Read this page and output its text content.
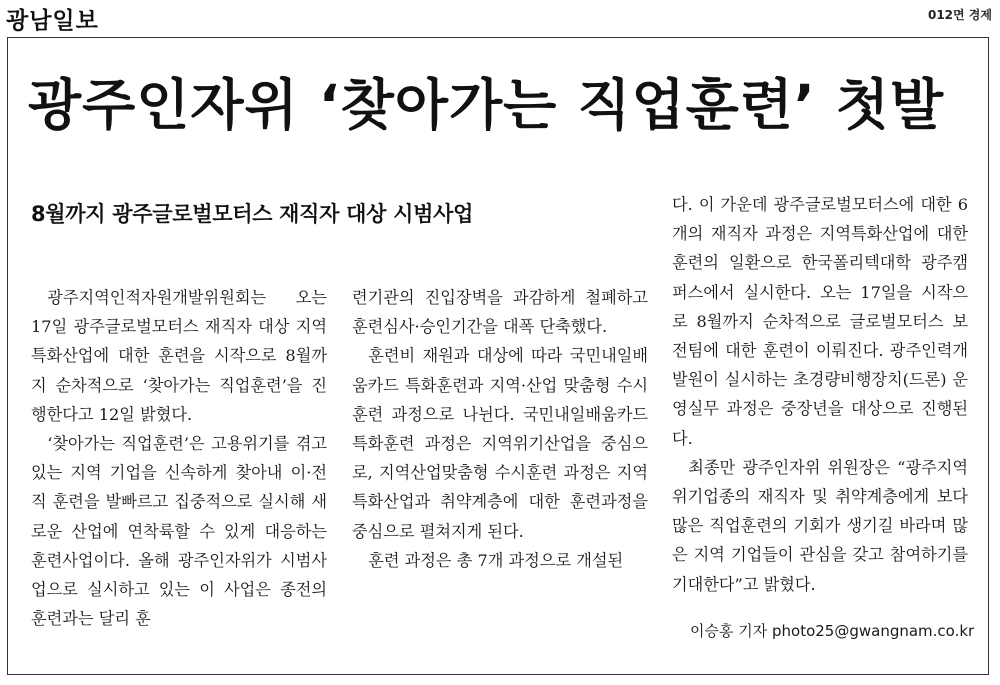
광남일보	012면 경제
광주인자위 ‘찾아가는 직업훈련’ 첫발
8월까지 광주글로벌모터스 재직자 대상 시범사업

광주지역인적자원개발위원회는 오는 17일 광주글로벌모터스 재직자 대상 지역특화산업에 대한 훈련을 시작으로 8월까지 순차적으로 ‘찾아가는 직업훈련’을 진행한다고 12일 밝혔다.

‘찾아가는 직업훈련’은 고용위기를 겪고 있는 지역 기업을 신속하게 찾아내 이·전직 훈련을 발빠르고 집중적으로 실시해 새로운 산업에 연착륙할 수 있게 대응하는 훈련사업이다. 올해 광주인자위가 시범사업으로 실시하고 있는 이 사업은 종전의 훈련과는 달리 훈

련기관의 진입장벽을 과감하게 철폐하고 훈련심사·승인기간을 대폭 단축했다.

훈련비 재원과 대상에 따라 국민내일배움카드 특화훈련과 지역·산업 맞춤형 수시훈련 과정으로 나뉜다. 국민내일배움카드 특화훈련 과정은 지역위기산업을 중심으로, 지역산업맞춤형 수시훈련 과정은 지역특화산업과 취약계층에 대한 훈련과정을 중심으로 펼쳐지게 된다.

훈련 과정은 총 7개 과정으로 개설된

다. 이 가운데 광주글로벌모터스에 대한 6개의 재직자 과정은 지역특화산업에 대한 훈련의 일환으로 한국폴리텍대학 광주캠퍼스에서 실시한다. 오는 17일을 시작으로 8월까지 순차적으로 글로벌모터스 보전팀에 대한 훈련이 이뤄진다. 광주인력개발원이 실시하는 초경량비행장치(드론) 운영실무 과정은 중장년을 대상으로 진행된다.

최종만 광주인자위 위원장은 “광주지역 위기업종의 재직자 및 취약계층에게 보다 많은 직업훈련의 기회가 생기길 바라며 많은 지역 기업들이 관심을 갖고 참여하기를 기대한다”고 밝혔다.

이승홍 기자 photo25@gwangnam.co.kr
